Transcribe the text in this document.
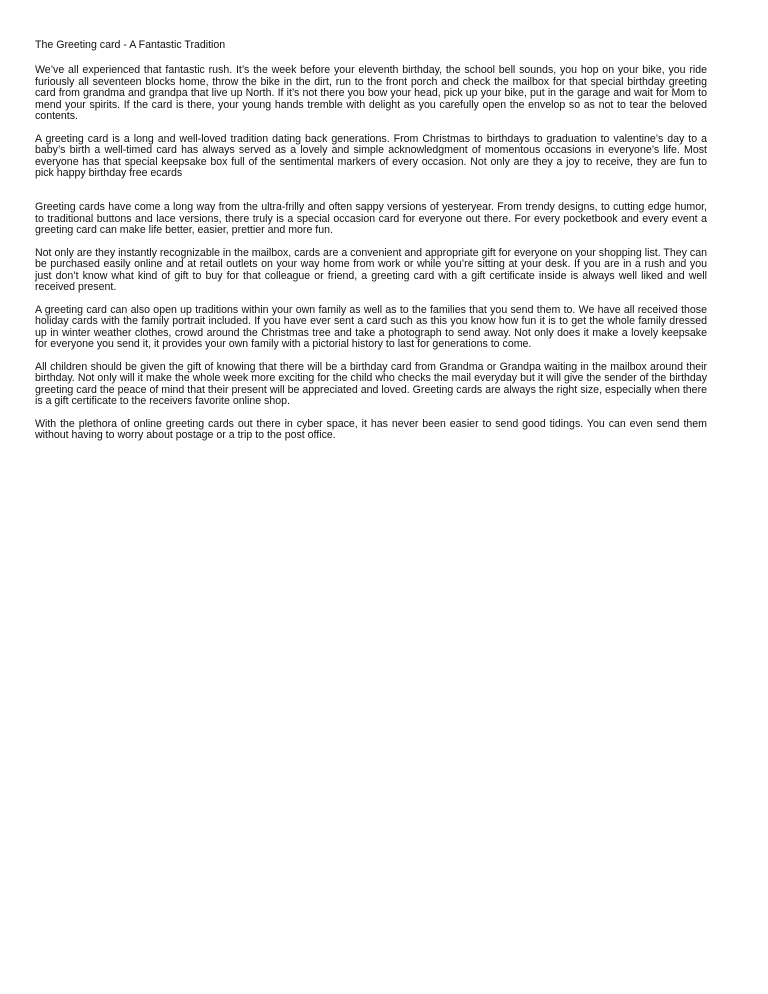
The Greeting card - A Fantastic Tradition

We’ve all experienced that fantastic rush. It’s the week before your eleventh birthday, the school bell sounds, you hop on your bike, you ride furiously all seventeen blocks home, throw the bike in the dirt, run to the front porch and check the mailbox for that special birthday greeting card from grandma and grandpa that live up North. If it’s not there you bow your head, pick up your bike, put in the garage and wait for Mom to mend your spirits. If the card is there, your young hands tremble with delight as you carefully open the envelop so as not to tear the beloved contents.

A greeting card is a long and well-loved tradition dating back generations. From Christmas to birthdays to graduation to valentine’s day to a baby’s birth a well-timed card has always served as a lovely and simple acknowledgment of momentous occasions in everyone’s life. Most everyone has that special keepsake box full of the sentimental markers of every occasion. Not only are they a joy to receive, they are fun to pick happy birthday free ecards

Greeting cards have come a long way from the ultra-frilly and often sappy versions of yesteryear. From trendy designs, to cutting edge humor, to traditional buttons and lace versions, there truly is a special occasion card for everyone out there. For every pocketbook and every event a greeting card can make life better, easier, prettier and more fun.

Not only are they instantly recognizable in the mailbox, cards are a convenient and appropriate gift for everyone on your shopping list. They can be purchased easily online and at retail outlets on your way home from work or while you’re sitting at your desk. If you are in a rush and you just don’t know what kind of gift to buy for that colleague or friend, a greeting card with a gift certificate inside is always well liked and well received present.

A greeting card can also open up traditions within your own family as well as to the families that you send them to. We have all received those holiday cards with the family portrait included. If you have ever sent a card such as this you know how fun it is to get the whole family dressed up in winter weather clothes, crowd around the Christmas tree and take a photograph to send away. Not only does it make a lovely keepsake for everyone you send it, it provides your own family with a pictorial history to last for generations to come.

All children should be given the gift of knowing that there will be a birthday card from Grandma or Grandpa waiting in the mailbox around their birthday. Not only will it make the whole week more exciting for the child who checks the mail everyday but it will give the sender of the birthday greeting card the peace of mind that their present will be appreciated and loved. Greeting cards are always the right size, especially when there is a gift certificate to the receivers favorite online shop.

With the plethora of online greeting cards out there in cyber space, it has never been easier to send good tidings. You can even send them without having to worry about postage or a trip to the post office.
